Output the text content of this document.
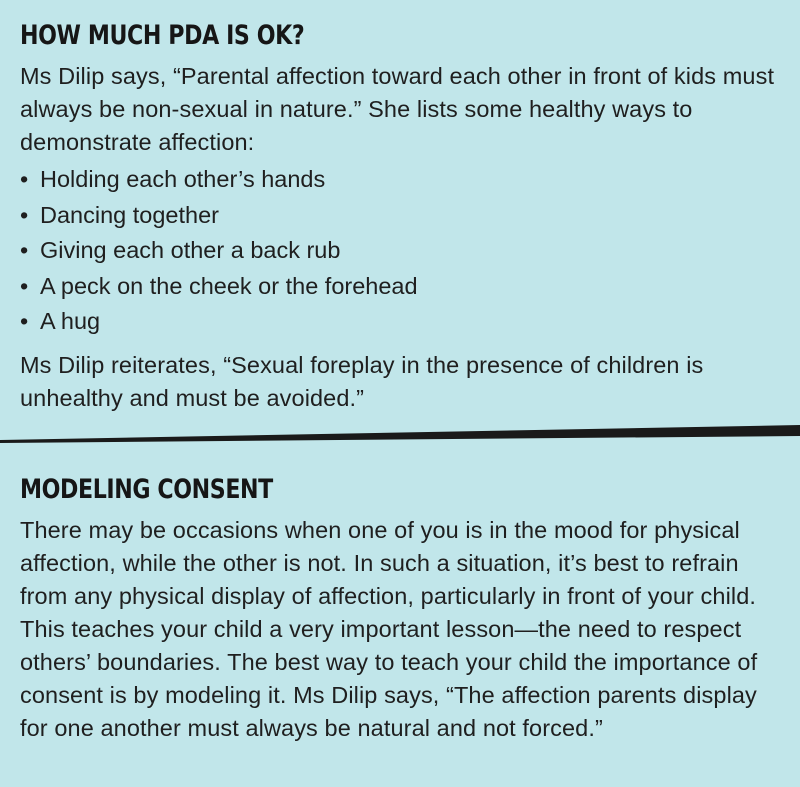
HOW MUCH PDA IS OK?

Ms Dilip says, “Parental affection toward each other in front of kids must always be non-sexual in nature.” She lists some healthy ways to demonstrate affection:

• Holding each other’s hands
• Dancing together
• Giving each other a back rub
• A peck on the cheek or the forehead
• A hug

Ms Dilip reiterates, “Sexual foreplay in the presence of children is unhealthy and must be avoided.”

MODELING CONSENT

There may be occasions when one of you is in the mood for physical affection, while the other is not. In such a situation, it’s best to refrain from any physical display of affection, particularly in front of your child. This teaches your child a very important lesson—the need to respect others’ boundaries. The best way to teach your child the importance of consent is by modeling it. Ms Dilip says, “The affection parents display for one another must always be natural and not forced.”
